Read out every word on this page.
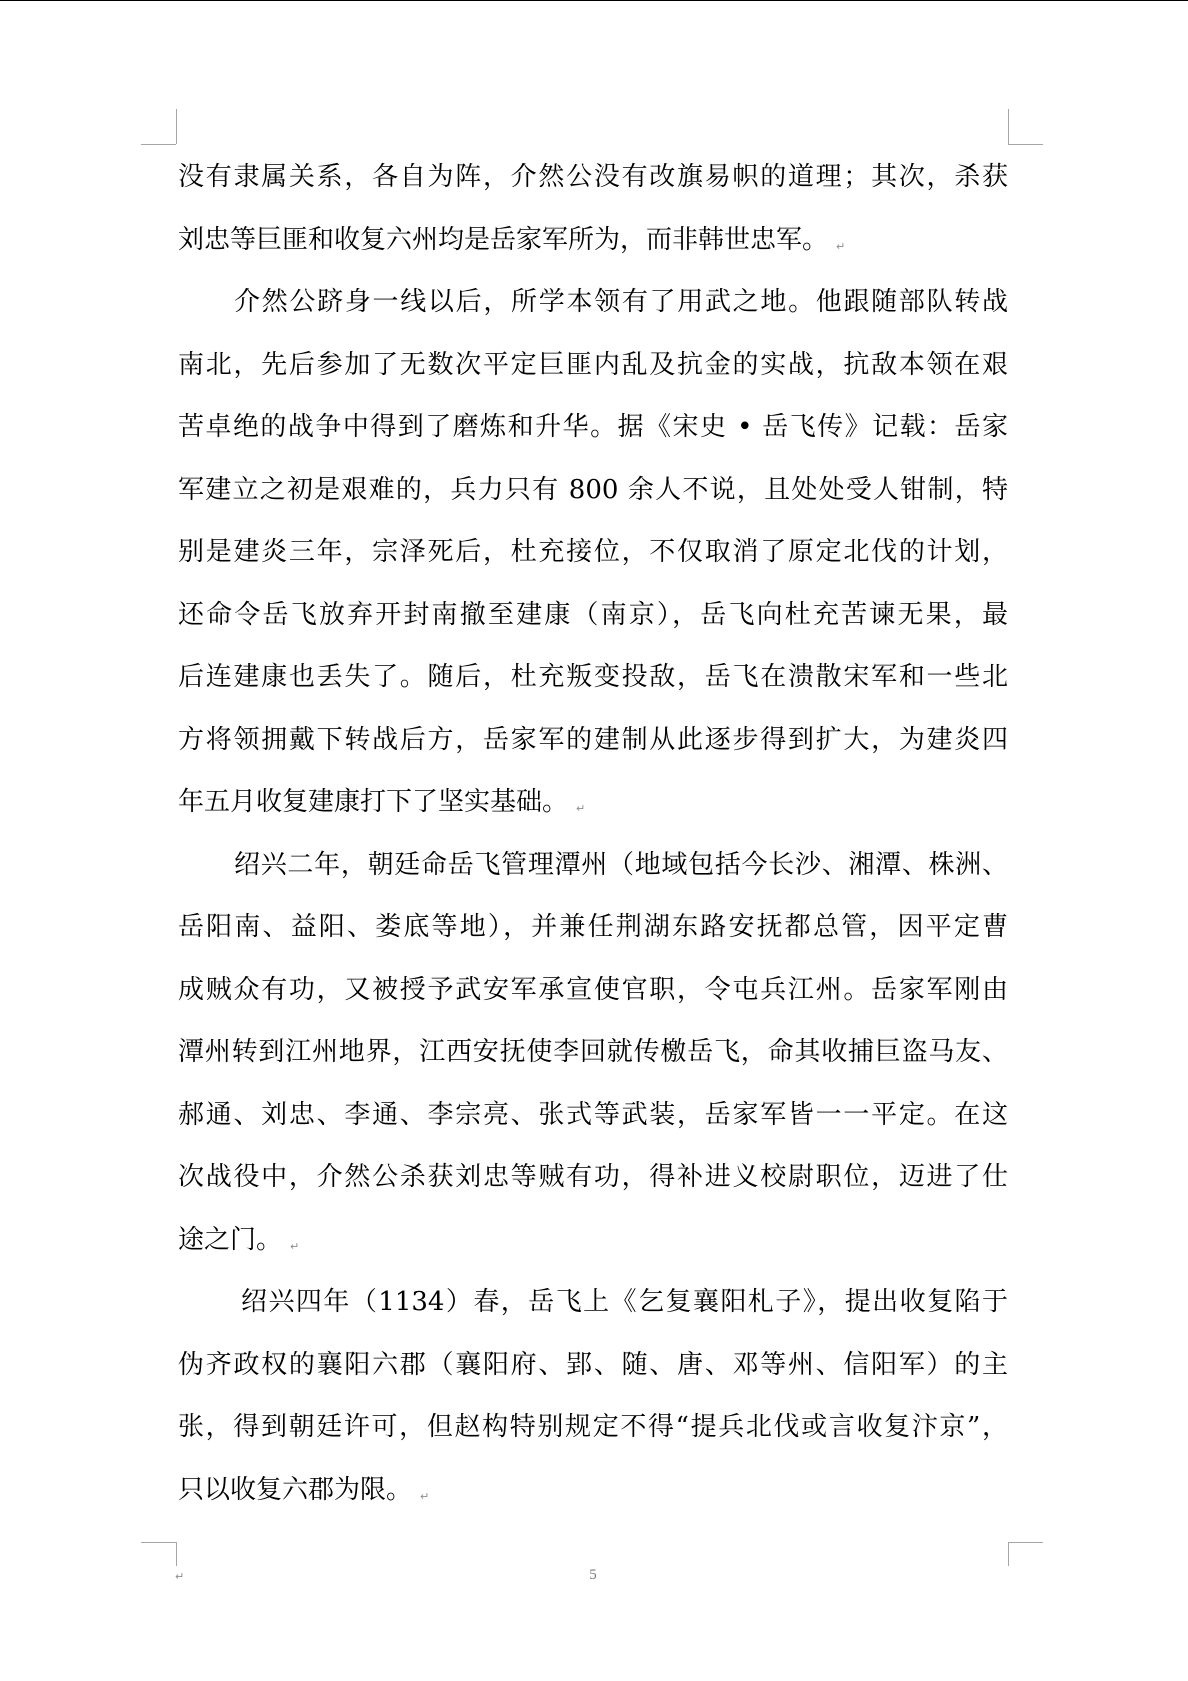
没有隶属关系，各自为阵，介然公没有改旗易帜的道理；其次，杀获
刘忠等巨匪和收复六州均是岳家军所为，而非韩世忠军。 ↵
介然公跻身一线以后，所学本领有了用武之地。他跟随部队转战
南北，先后参加了无数次平定巨匪内乱及抗金的实战，抗敌本领在艰
苦卓绝的战争中得到了磨炼和升华。据《宋史 • 岳飞传》记载：岳家
军建立之初是艰难的，兵力只有 800 余人不说，且处处受人钳制，特
别是建炎三年，宗泽死后，杜充接位，不仅取消了原定北伐的计划，
还命令岳飞放弃开封南撤至建康（南京），岳飞向杜充苦谏无果，最
后连建康也丢失了。随后，杜充叛变投敌，岳飞在溃散宋军和一些北
方将领拥戴下转战后方，岳家军的建制从此逐步得到扩大，为建炎四
年五月收复建康打下了坚实基础。 ↵
绍兴二年，朝廷命岳飞管理潭州（地域包括今长沙、湘潭、株洲、
岳阳南、益阳、娄底等地），并兼任荆湖东路安抚都总管，因平定曹
成贼众有功，又被授予武安军承宣使官职，令屯兵江州。岳家军刚由
潭州转到江州地界，江西安抚使李回就传檄岳飞，命其收捕巨盗马友、
郝通、刘忠、李通、李宗亮、张式等武装，岳家军皆一一平定。在这
次战役中，介然公杀获刘忠等贼有功，得补进义校尉职位，迈进了仕
途之门。 ↵
绍兴四年（1134）春，岳飞上《乞复襄阳札子》，提出收复陷于
伪齐政权的襄阳六郡（襄阳府、郢、随、唐、邓等州、信阳军）的主
张，得到朝廷许可，但赵构特别规定不得“提兵北伐或言收复汴京”，
只以收复六郡为限。 ↵
↵	5
